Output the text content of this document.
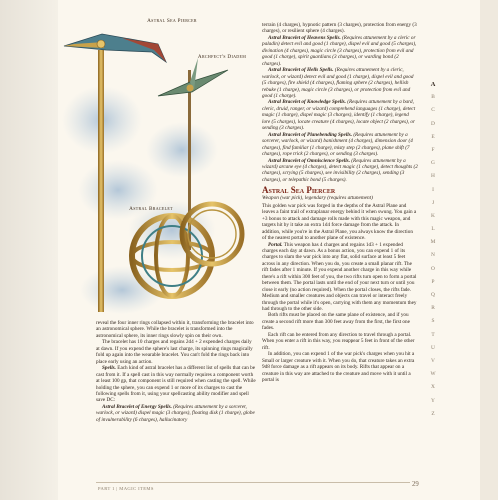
Astral Sea Piercer
Archfect's Diadem
Astral Bracelet

reveal the four inner rings collapsed within it, transforming the bracelet into an astronomical sphere. While the bracelet is transformed into the astronomical sphere, its inner rings slowly spin on their own.

The bracelet has 10 charges and regains 2d4 + 2 expended charges daily at dawn. If you expend the sphere's last charge, its spinning rings magically fold up again into the wearable bracelet. You can't fold the rings back into place early using an action.

Spells. Each kind of astral bracelet has a different list of spells that can be cast from it. If a spell cast in this way normally requires a component worth at least 100 gp, that component is still required when casting the spell. While holding the sphere, you can expend 1 or more of its charges to cast the following spells from it, using your spellcasting ability modifier and spell save DC:

Astral Bracelet of Energy Spells. (Requires attunement by a sorcerer, warlock, or wizard) dispel magic (3 charges), floating disk (1 charge), globe of invulnerability (6 charges), hallucinatory

terrain (4 charges), hypnotic pattern (3 charges), protection from energy (3 charges), or resilient sphere (4 charges).

Astral Bracelet of Heavens Spells. (Requires attunement by a cleric or paladin) detect evil and good (1 charge), dispel evil and good (5 charges), divination (4 charges), magic circle (3 charges), protection from evil and good (1 charge), spirit guardians (3 charges), or warding bond (2 charges).

Astral Bracelet of Hells Spells. (Requires attunement by a cleric, warlock, or wizard) detect evil and good (1 charge), dispel evil and good (5 charges), fire shield (4 charges), flaming sphere (2 charges), hellish rebuke (1 charge), magic circle (3 charges), or protection from evil and good (1 charge).

Astral Bracelet of Knowledge Spells. (Requires attunement by a bard, cleric, druid, ranger, or wizard) comprehend languages (1 charge), detect magic (1 charge), dispel magic (3 charges), identify (1 charge), legend lore (5 charges), locate creature (4 charges), locate object (2 charges), or sending (3 charges).

Astral Bracelet of Planebending Spells. (Requires attunement by a sorcerer, warlock, or wizard) banishment (4 charges), dimension door (4 charges), find familiar (1 charge), misty step (2 charges), plane shift (7 charges), rope trick (2 charges), or sending (3 charges).

Astral Bracelet of Omniscience Spells. (Requires attunement by a wizard) arcane eye (4 charges), detect magic (1 charge), detect thoughts (2 charges), scrying (5 charges), see invisibility (2 charges), sending (3 charges), or telepathic bond (5 charges).

Astral Sea Piercer
Weapon (war pick), legendary (requires attunement)

This golden war pick was forged in the depths of the Astral Plane and leaves a faint trail of extraplanar energy behind it when swung. You gain a +3 bonus to attack and damage rolls made with this magic weapon, and targets hit by it take an extra 1d4 force damage from the attack. In addition, while you're in the Astral Plane, you always know the direction of the nearest portal to another plane of existence.

Portal. This weapon has 4 charges and regains 1d3 + 1 expended charges each day at dawn. As a bonus action, you can expend 1 of its charges to slam the war pick into any flat, solid surface at least 5 feet across in any direction. When you do, you create a small planar rift. The rift fades after 1 minute. If you expend another charge in this way while there's a rift within 300 feet of you, the two rifts turn open to form a portal between them. The portal lasts until the end of your next turn or until you close it early (no action required). When the portal closes, the rifts fade. Medium and smaller creatures and objects can travel or interact freely through the portal while it's open, carrying with them any momentum they had through to the other side.

Both rifts must be placed on the same plane of existence, and if you create a second rift more than 300 feet away from the first, the first one fades.

Each rift can be entered from any direction to travel through a portal. When you enter a rift in this way, you reappear 5 feet in front of the other rift.

In addition, you can expend 1 of the war pick's charges when you hit a Small or larger creature with it. When you do, that creature takes an extra 9d8 force damage as a rift appears on its body. Rifts that appear on a creature in this way are attached to the creature and move with it until a portal is

A
B
C
D
E
F
G
H
I
J
K
L
M
N
O
P
Q
R
S
T
U
V
W
X
Y
Z
PART 1 | MAGIC ITEMS
29
